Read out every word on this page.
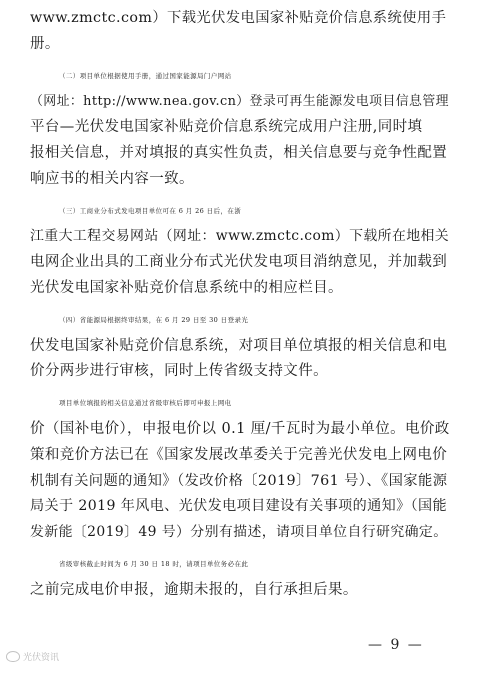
www.zmctc.com）下载光伏发电国家补贴竞价信息系统使用手
册。
（二）项目单位根据使用手册，通过国家能源局门户网站
（网址：http://www.nea.gov.cn）登录可再生能源发电项目信息管理
平台—光伏发电国家补贴竞价信息系统完成用户注册,同时填
报相关信息，并对填报的真实性负责，相关信息要与竞争性配置
响应书的相关内容一致。
（三）工商业分布式发电项目单位可在 6 月 26 日后，在浙
江重大工程交易网站（网址：www.zmctc.com）下载所在地相关
电网企业出具的工商业分布式光伏发电项目消纳意见，并加载到
光伏发电国家补贴竞价信息系统中的相应栏目。
（四）省能源局根据终审结果，在 6 月 29 日至 30 日登录光
伏发电国家补贴竞价信息系统，对项目单位填报的相关信息和电
价分两步进行审核，同时上传省级支持文件。
项目单位填报的相关信息通过省级审核后即可申报上网电
价（国补电价），申报电价以 0.1 厘/千瓦时为最小单位。电价政
策和竞价方法已在《国家发展改革委关于完善光伏发电上网电价
机制有关问题的通知》（发改价格〔2019〕761 号）、《国家能源
局关于 2019 年风电、光伏发电项目建设有关事项的通知》（国能
发新能〔2019〕49 号）分别有描述，请项目单位自行研究确定。
省级审核截止时间为 6 月 30 日 18 时，请项目单位务必在此
之前完成电价申报，逾期未报的，自行承担后果。
— 9 —
光伏资讯
